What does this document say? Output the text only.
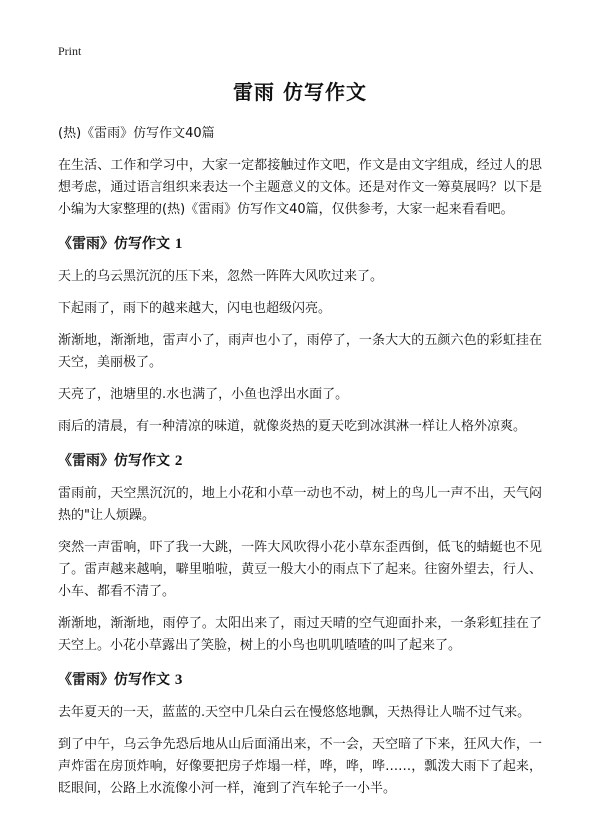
Print

雷雨 仿写作文

(热)《雷雨》仿写作文40篇

在生活、工作和学习中，大家一定都接触过作文吧，作文是由文字组成，经过人的思想考虑，通过语言组织来表达一个主题意义的文体。还是对作文一筹莫展吗？以下是小编为大家整理的(热)《雷雨》仿写作文40篇，仅供参考，大家一起来看看吧。

《雷雨》仿写作文 1

天上的乌云黑沉沉的压下来，忽然一阵阵大风吹过来了。

下起雨了，雨下的越来越大，闪电也超级闪亮。

渐渐地，渐渐地，雷声小了，雨声也小了，雨停了，一条大大的五颜六色的彩虹挂在天空，美丽极了。

天亮了，池塘里的.水也满了，小鱼也浮出水面了。

雨后的清晨，有一种清凉的味道，就像炎热的夏天吃到冰淇淋一样让人格外凉爽。

《雷雨》仿写作文 2

雷雨前，天空黑沉沉的，地上小花和小草一动也不动，树上的鸟儿一声不出，天气闷热的"让人烦躁。

突然一声雷响，吓了我一大跳，一阵大风吹得小花小草东歪西倒，低飞的蜻蜓也不见了。雷声越来越响，噼里啪啦，黄豆一般大小的雨点下了起来。往窗外望去，行人、小车、都看不清了。

渐渐地，渐渐地，雨停了。太阳出来了，雨过天晴的空气迎面扑来，一条彩虹挂在了天空上。小花小草露出了笑脸，树上的小鸟也叽叽喳喳的叫了起来了。

《雷雨》仿写作文 3

去年夏天的一天，蓝蓝的.天空中几朵白云在慢悠悠地飘，天热得让人喘不过气来。

到了中午，乌云争先恐后地从山后面涌出来，不一会，天空暗了下来，狂风大作，一声炸雷在房顶炸响，好像要把房子炸塌一样，哗，哗，哗……，瓢泼大雨下了起来，眨眼间，公路上水流像小河一样，淹到了汽车轮子一小半。
